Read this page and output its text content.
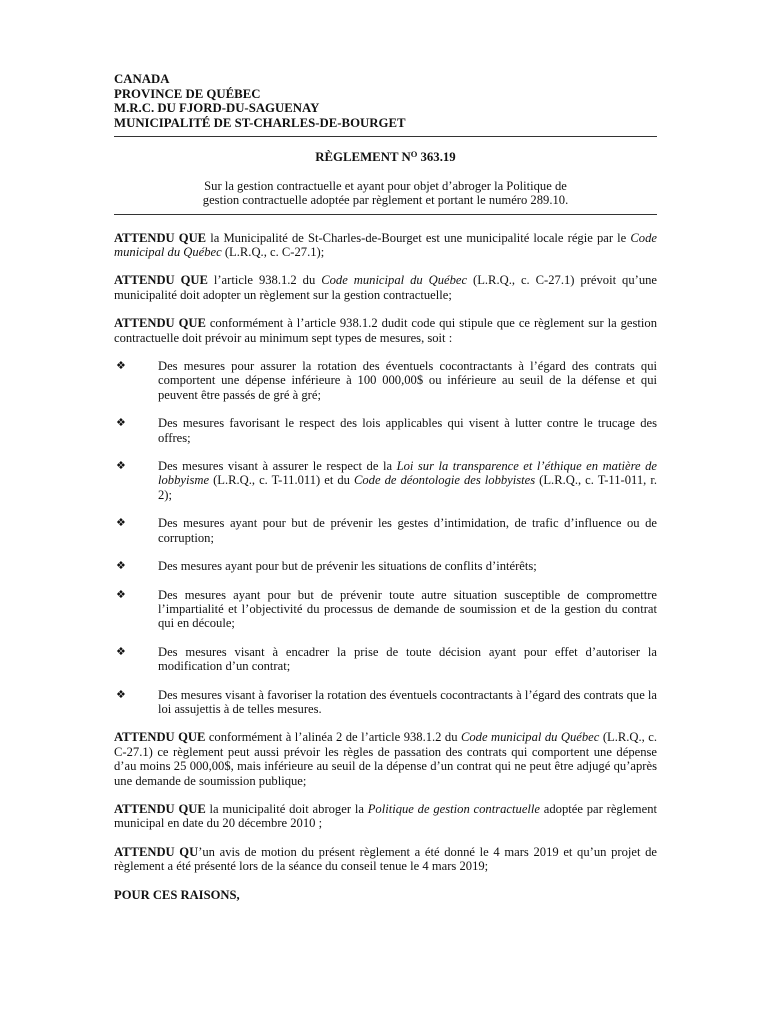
CANADA
PROVINCE DE QUÉBEC
M.R.C. DU FJORD-DU-SAGUENAY
MUNICIPALITÉ DE ST-CHARLES-DE-BOURGET
RÈGLEMENT $N^O$ 363.19
Sur la gestion contractuelle et ayant pour objet d’abroger la Politique de gestion contractuelle adoptée par règlement et portant le numéro 289.10.

ATTENDU QUE la Municipalité de St-Charles-de-Bourget est une municipalité locale régie par le Code municipal du Québec (L.R.Q., c. C-27.1);

ATTENDU QUE l’article 938.1.2 du Code municipal du Québec (L.R.Q., c. C-27.1) prévoit qu’une municipalité doit adopter un règlement sur la gestion contractuelle;

ATTENDU QUE conformément à l’article 938.1.2 dudit code qui stipule que ce règlement sur la gestion contractuelle doit prévoir au minimum sept types de mesures, soit :

❖	Des mesures pour assurer la rotation des éventuels cocontractants à l’égard des contrats qui comportent une dépense inférieure à 100 000,00$ ou inférieure au seuil de la défense et qui peuvent être passés de gré à gré;
❖	Des mesures favorisant le respect des lois applicables qui visent à lutter contre le trucage des offres;
❖	Des mesures visant à assurer le respect de la Loi sur la transparence et l’éthique en matière de lobbyisme (L.R.Q., c. T-11.011) et du Code de déontologie des lobbyistes (L.R.Q., c. T-11-011, r. 2);
❖	Des mesures ayant pour but de prévenir les gestes d’intimidation, de trafic d’influence ou de corruption;
❖	Des mesures ayant pour but de prévenir les situations de conflits d’intérêts;
❖	Des mesures ayant pour but de prévenir toute autre situation susceptible de compromettre l’impartialité et l’objectivité du processus de demande de soumission et de la gestion du contrat qui en découle;
❖	Des mesures visant à encadrer la prise de toute décision ayant pour effet d’autoriser la modification d’un contrat;
❖	Des mesures visant à favoriser la rotation des éventuels cocontractants à l’égard des contrats que la loi assujettis à de telles mesures.

ATTENDU QUE conformément à l’alinéa 2 de l’article 938.1.2 du Code municipal du Québec (L.R.Q., c. C-27.1) ce règlement peut aussi prévoir les règles de passation des contrats qui comportent une dépense d’au moins 25 000,00$, mais inférieure au seuil de la dépense d’un contrat qui ne peut être adjugé qu’après une demande de soumission publique;

ATTENDU QUE la municipalité doit abroger la Politique de gestion contractuelle adoptée par règlement municipal en date du 20 décembre 2010 ;

ATTENDU QU’un avis de motion du présent règlement a été donné le 4 mars 2019 et qu’un projet de règlement a été présenté lors de la séance du conseil tenue le 4 mars 2019;

POUR CES RAISONS,
